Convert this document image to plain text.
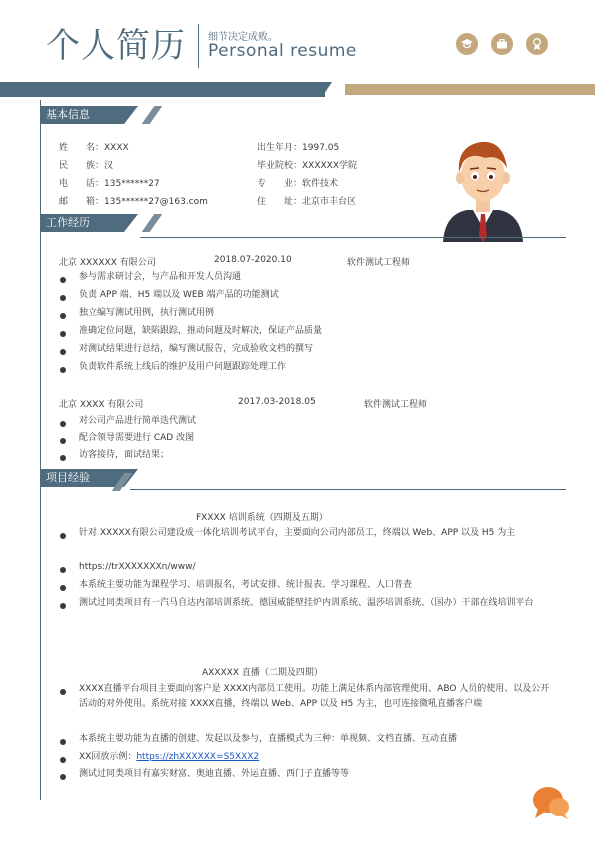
个人简历 细节决定成败。
Personal resume
基本信息
姓　　名：XXXX
民　　族：汉
电　　话：135******27
邮　　箱：135******27@163.com
出生年月：1997.05
毕业院校：XXXXXX学院
专　　业：软件技术
住　　址：北京市丰台区
工作经历
北京 XXXXXX 有限公司	2018.07-2020.10	软件测试工程师
参与需求研讨会，与产品和开发人员沟通
负责 APP 端、H5 端以及 WEB 端产品的功能测试
独立编写测试用例，执行测试用例
准确定位问题，缺陷跟踪，推动问题及时解决，保证产品质量
对测试结果进行总结，编写测试报告，完成验收文档的撰写
负责软件系统上线后的维护及用户问题跟踪处理工作
北京 XXXX 有限公司	2017.03-2018.05	软件测试工程师
对公司产品进行简单迭代测试
配合领导需要进行 CAD 改图
访客接待，面试结果；
项目经验
FXXXX 培训系统（四期及五期）
针对 XXXXX有限公司建设成一体化培训考试平台，主要面向公司内部员工，终端以 Web、APP 以及 H5 为主
https://trXXXXXXXn/www/
本系统主要功能为课程学习、培训报名，考试安排、统计报表、学习课程、人口普查
测试过同类项目有一汽马自达内部培训系统、德国威能壁挂炉内训系统、温莎培训系统、（国办）干部在线培训平台
AXXXXX 直播（二期及四期）
XXXX直播平台项目主要面向客户是 XXXX内部员工使用。功能上满足体系内部管理使用、ABO 人员的使用、以及公开活动的对外使用。系统对接 XXXX直播，终端以 Web、APP 以及 H5 为主，也可连接微吼直播客户端
本系统主要功能为直播的创建、发起以及参与，直播模式为三种：单视频、文档直播、互动直播
XX回放示例：https://zhXXXXXX=S5XXX2
测试过同类项目有嘉实财富、奥迪直播、外运直播、西门子直播等等
